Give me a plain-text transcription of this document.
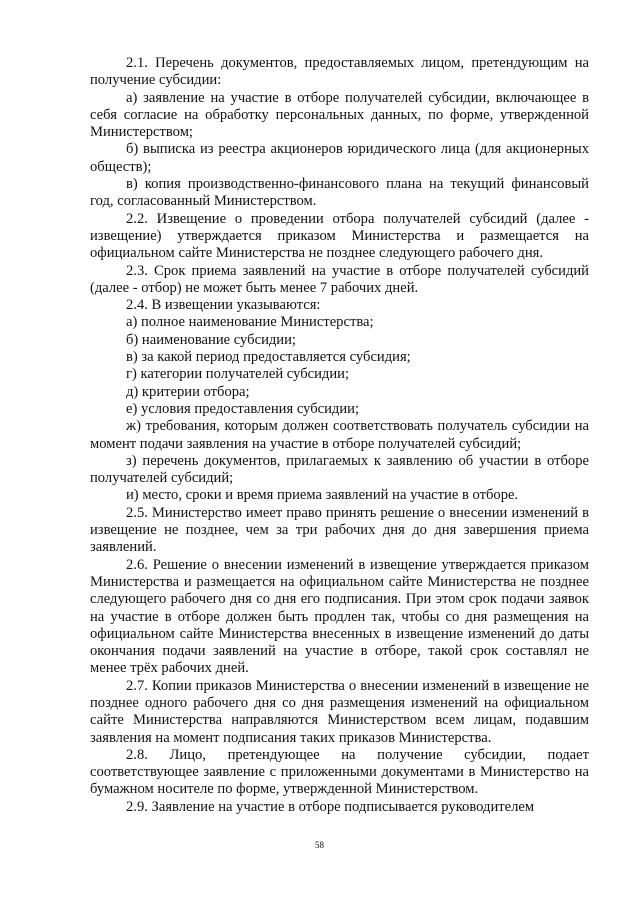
2.1. Перечень документов, предоставляемых лицом, претендующим на получение субсидии:

а) заявление на участие в отборе получателей субсидии, включающее в себя согласие на обработку персональных данных, по форме, утвержденной Министерством;

б) выписка из реестра акционеров юридического лица (для акционерных обществ);

в) копия производственно-финансового плана на текущий финансовый год, согласованный Министерством.

2.2. Извещение о проведении отбора получателей субсидий (далее - извещение) утверждается приказом Министерства и размещается на официальном сайте Министерства не позднее следующего рабочего дня.

2.3. Срок приема заявлений на участие в отборе получателей субсидий (далее - отбор) не может быть менее 7 рабочих дней.

2.4. В извещении указываются:

а) полное наименование Министерства;

б) наименование субсидии;

в) за какой период предоставляется субсидия;

г) категории получателей субсидии;

д) критерии отбора;

е) условия предоставления субсидии;

ж) требования, которым должен соответствовать получатель субсидии на момент подачи заявления на участие в отборе получателей субсидий;

з) перечень документов, прилагаемых к заявлению об участии в отборе получателей субсидий;

и) место, сроки и время приема заявлений на участие в отборе.

2.5. Министерство имеет право принять решение о внесении изменений в извещение не позднее, чем за три рабочих дня до дня завершения приема заявлений.

2.6. Решение о внесении изменений в извещение утверждается приказом Министерства и размещается на официальном сайте Министерства не позднее следующего рабочего дня со дня его подписания. При этом срок подачи заявок на участие в отборе должен быть продлен так, чтобы со дня размещения на официальном сайте Министерства внесенных в извещение изменений до даты окончания подачи заявлений на участие в отборе, такой срок составлял не менее трёх рабочих дней.

2.7. Копии приказов Министерства о внесении изменений в извещение не позднее одного рабочего дня со дня размещения изменений на официальном сайте Министерства направляются Министерством всем лицам, подавшим заявления на момент подписания таких приказов Министерства.

2.8. Лицо, претендующее на получение субсидии, подает соответствующее заявление с приложенными документами в Министерство на бумажном носителе по форме, утвержденной Министерством.

2.9. Заявление на участие в отборе подписывается руководителем

58
